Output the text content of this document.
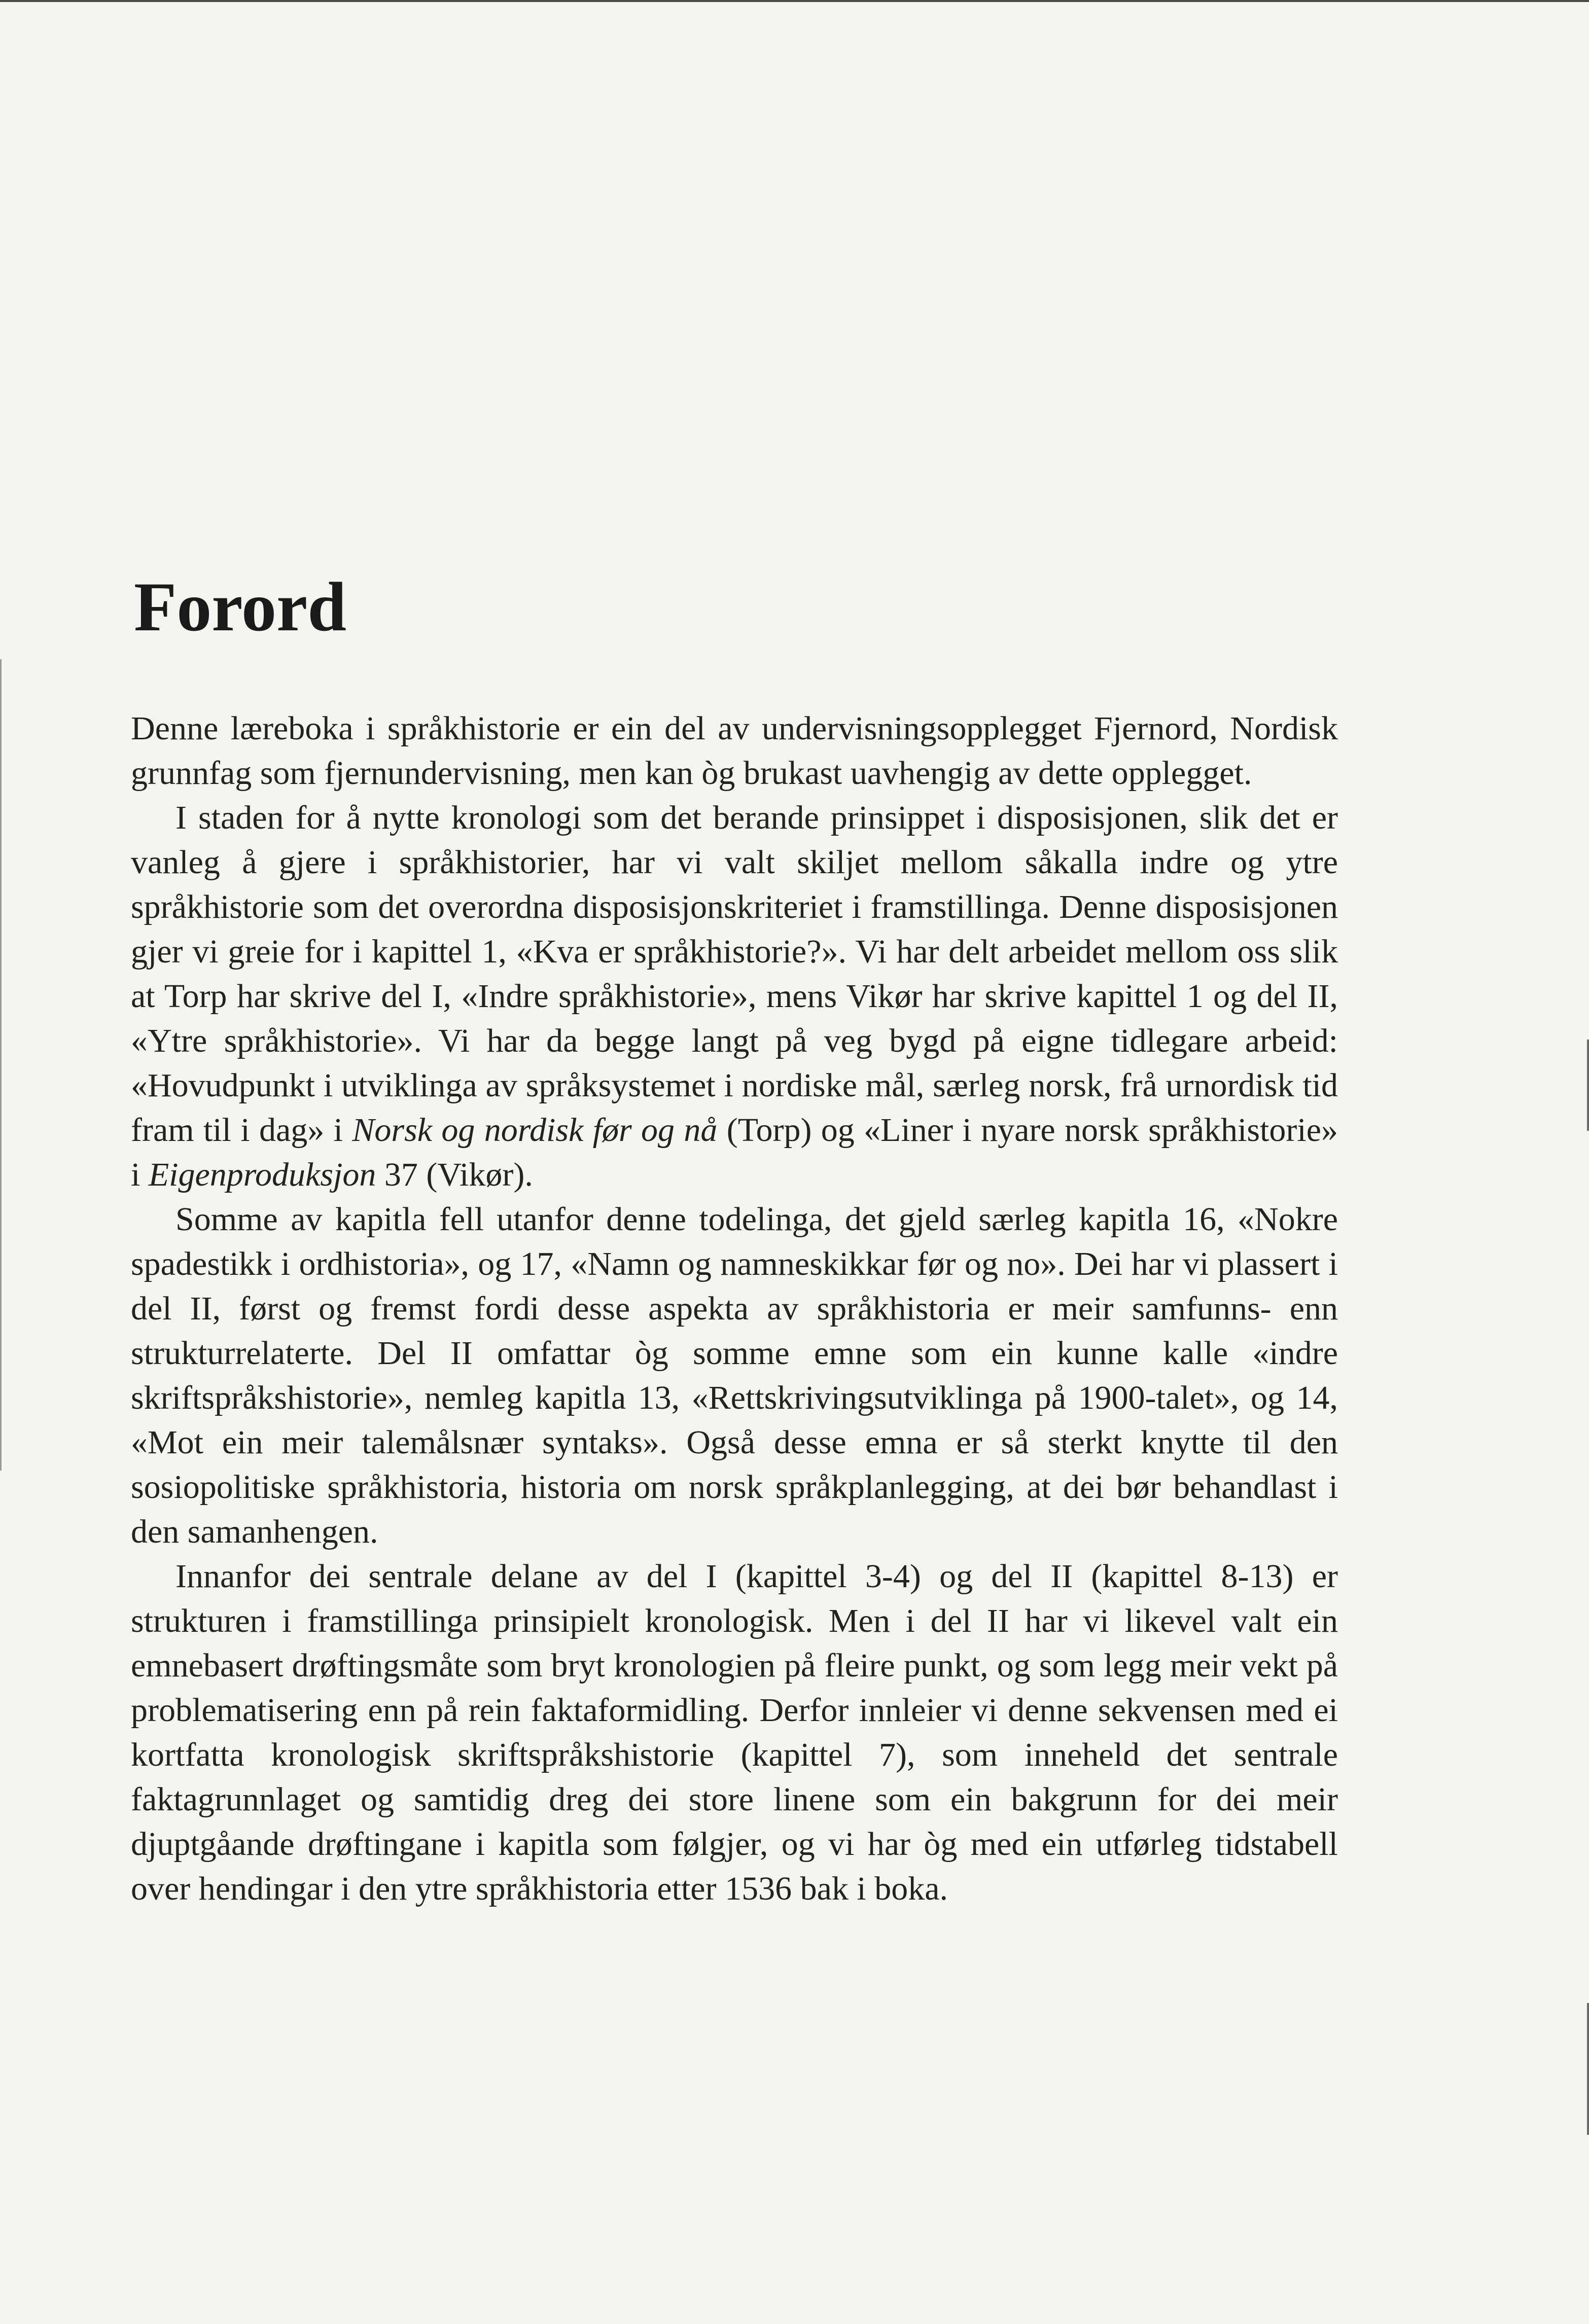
Forord

Denne læreboka i språkhistorie er ein del av undervisningsopplegget Fjernord, Nordisk grunnfag som fjernundervisning, men kan òg brukast uavhengig av dette opplegget.

I staden for å nytte kronologi som det berande prinsippet i disposisjonen, slik det er vanleg å gjere i språkhistorier, har vi valt skiljet mellom såkalla indre og ytre språkhistorie som det overordna disposisjonskriteriet i framstillinga. Denne disposisjonen gjer vi greie for i kapittel 1, «Kva er språkhistorie?». Vi har delt arbeidet mellom oss slik at Torp har skrive del I, «Indre språkhistorie», mens Vikør har skrive kapittel 1 og del II, «Ytre språkhistorie». Vi har da begge langt på veg bygd på eigne tidlegare arbeid: «Hovudpunkt i utviklinga av språksystemet i nordiske mål, særleg norsk, frå urnordisk tid fram til i dag» i Norsk og nordisk før og nå (Torp) og «Liner i nyare norsk språkhistorie» i Eigenproduksjon 37 (Vikør).

Somme av kapitla fell utanfor denne todelinga, det gjeld særleg kapitla 16, «Nokre spadestikk i ordhistoria», og 17, «Namn og namneskikkar før og no». Dei har vi plassert i del II, først og fremst fordi desse aspekta av språkhistoria er meir samfunns- enn strukturrelaterte. Del II omfattar òg somme emne som ein kunne kalle «indre skriftspråkshistorie», nemleg kapitla 13, «Rettskrivingsutviklinga på 1900-talet», og 14, «Mot ein meir talemålsnær syntaks». Også desse emna er så sterkt knytte til den sosiopolitiske språkhistoria, historia om norsk språkplanlegging, at dei bør behandlast i den samanhengen.

Innanfor dei sentrale delane av del I (kapittel 3-4) og del II (kapittel 8-13) er strukturen i framstillinga prinsipielt kronologisk. Men i del II har vi likevel valt ein emnebasert drøftingsmåte som bryt kronologien på fleire punkt, og som legg meir vekt på problematisering enn på rein faktaformidling. Derfor innleier vi denne sekvensen med ei kortfatta kronologisk skriftspråkshistorie (kapittel 7), som inneheld det sentrale faktagrunnlaget og samtidig dreg dei store linene som ein bakgrunn for dei meir djuptgåande drøftingane i kapitla som følgjer, og vi har òg med ein utførleg tidstabell over hendingar i den ytre språkhistoria etter 1536 bak i boka.
